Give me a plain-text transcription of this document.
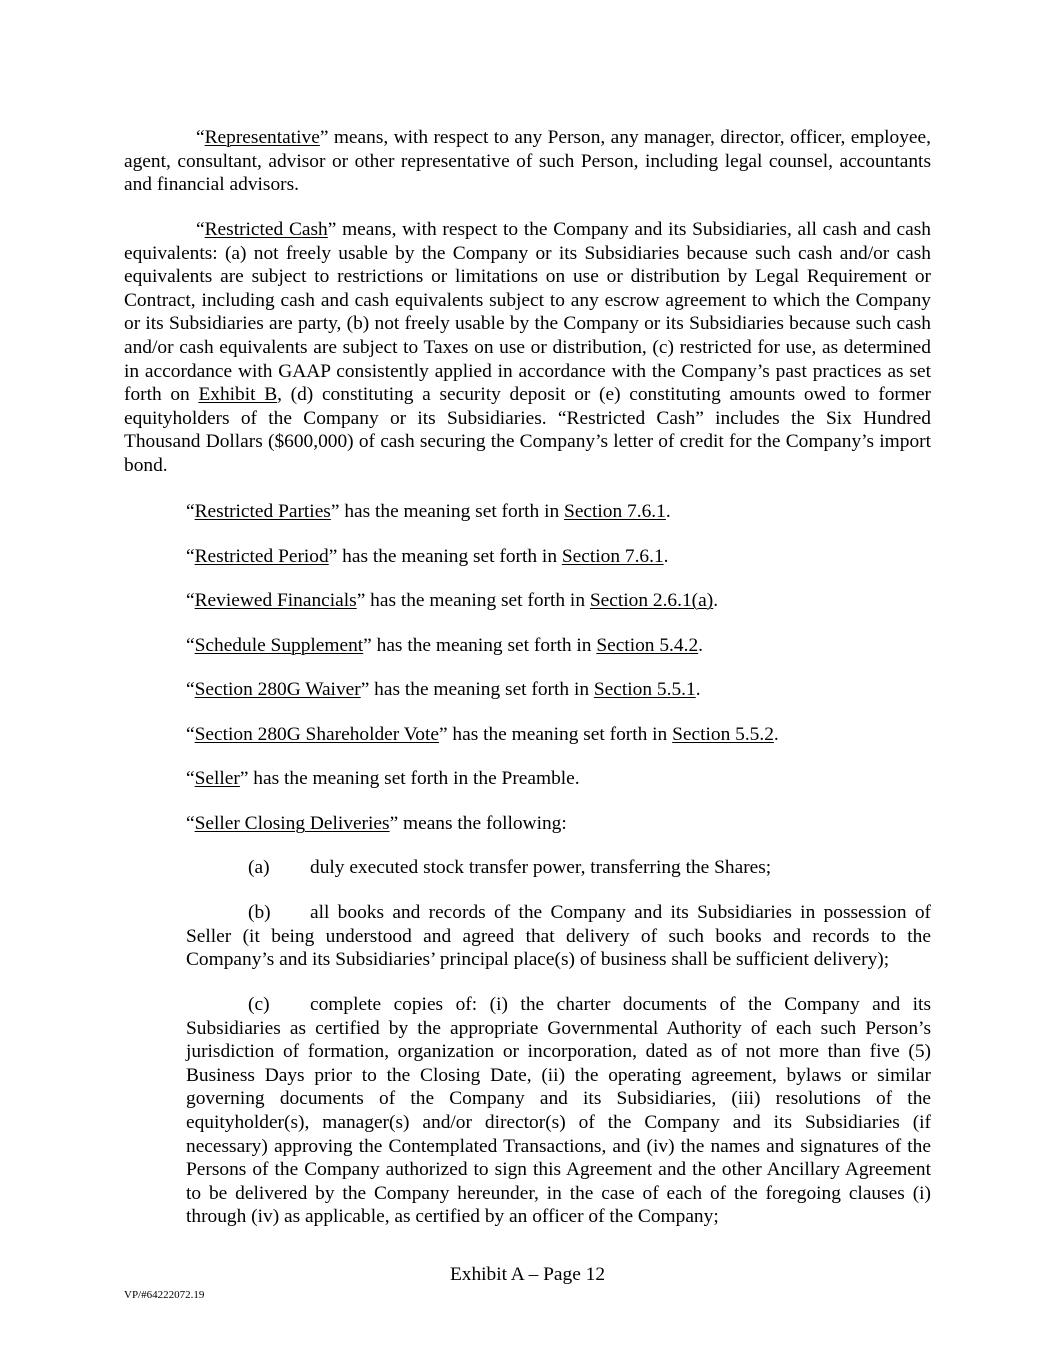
“Representative” means, with respect to any Person, any manager, director, officer, employee, agent, consultant, advisor or other representative of such Person, including legal counsel, accountants and financial advisors.

“Restricted Cash” means, with respect to the Company and its Subsidiaries, all cash and cash equivalents: (a) not freely usable by the Company or its Subsidiaries because such cash and/or cash equivalents are subject to restrictions or limitations on use or distribution by Legal Requirement or Contract, including cash and cash equivalents subject to any escrow agreement to which the Company or its Subsidiaries are party, (b) not freely usable by the Company or its Subsidiaries because such cash and/or cash equivalents are subject to Taxes on use or distribution, (c) restricted for use, as determined in accordance with GAAP consistently applied in accordance with the Company’s past practices as set forth on Exhibit B, (d) constituting a security deposit or (e) constituting amounts owed to former equityholders of the Company or its Subsidiaries. “Restricted Cash” includes the Six Hundred Thousand Dollars ($600,000) of cash securing the Company’s letter of credit for the Company’s import bond.

“Restricted Parties” has the meaning set forth in Section 7.6.1.

“Restricted Period” has the meaning set forth in Section 7.6.1.

“Reviewed Financials” has the meaning set forth in Section 2.6.1(a).

“Schedule Supplement” has the meaning set forth in Section 5.4.2.

“Section 280G Waiver” has the meaning set forth in Section 5.5.1.

“Section 280G Shareholder Vote” has the meaning set forth in Section 5.5.2.

“Seller” has the meaning set forth in the Preamble.

“Seller Closing Deliveries” means the following:

(a) duly executed stock transfer power, transferring the Shares;

(b) all books and records of the Company and its Subsidiaries in possession of Seller (it being understood and agreed that delivery of such books and records to the Company’s and its Subsidiaries’ principal place(s) of business shall be sufficient delivery);

(c) complete copies of: (i) the charter documents of the Company and its Subsidiaries as certified by the appropriate Governmental Authority of each such Person’s jurisdiction of formation, organization or incorporation, dated as of not more than five (5) Business Days prior to the Closing Date, (ii) the operating agreement, bylaws or similar governing documents of the Company and its Subsidiaries, (iii) resolutions of the equityholder(s), manager(s) and/or director(s) of the Company and its Subsidiaries (if necessary) approving the Contemplated Transactions, and (iv) the names and signatures of the Persons of the Company authorized to sign this Agreement and the other Ancillary Agreement to be delivered by the Company hereunder, in the case of each of the foregoing clauses (i) through (iv) as applicable, as certified by an officer of the Company;

Exhibit A – Page 12

VP/#64222072.19
